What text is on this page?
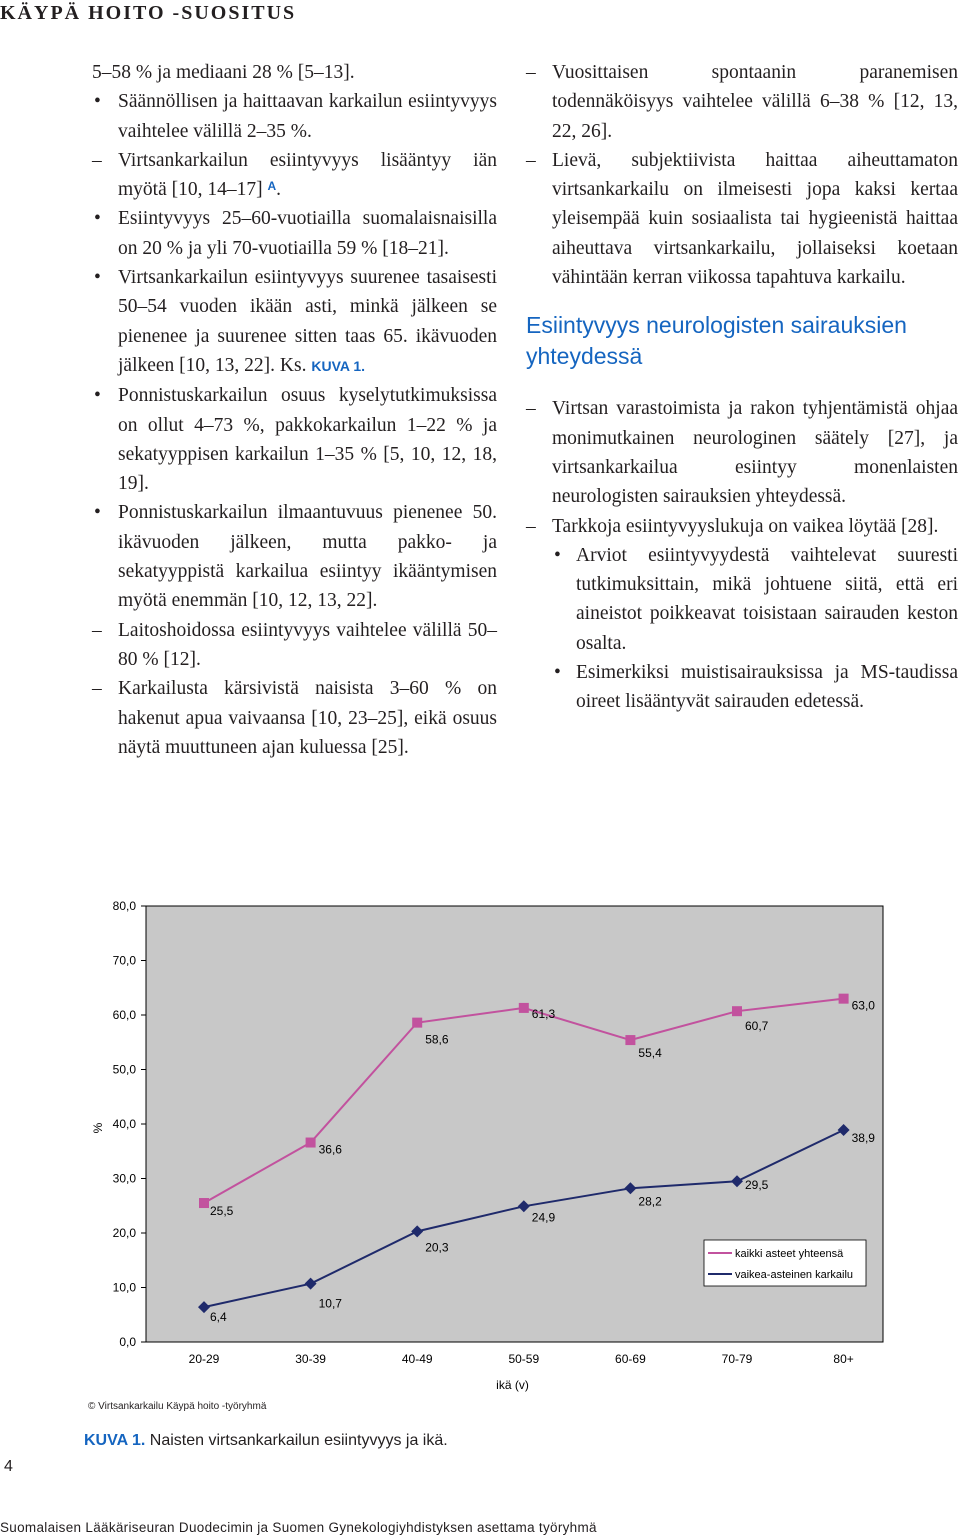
KÄYPÄ HOITO -SUOSITUS

5–58 % ja mediaani 28 % [5–13].

• Säännöllisen ja haittaavan karkailun esiintyvyys vaihtelee välillä 2–35 %.

– Virtsankarkailun esiintyvyys lisääntyy iän myötä [10, 14–17] $^A$.

• Esiintyvyys 25–60-vuotiailla suomalaisnaisilla on 20 % ja yli 70-vuotiailla 59 % [18–21].

• Virtsankarkailun esiintyvyys suurenee tasaisesti 50–54 vuoden ikään asti, minkä jälkeen se pienenee ja suurenee sitten taas 65. ikävuoden jälkeen [10, 13, 22]. Ks. KUVA 1.

• Ponnistuskarkailun osuus kyselytutkimuksissa on ollut 4–73 %, pakkokarkailun 1–22 % ja sekatyyppisen karkailun 1–35 % [5, 10, 12, 18, 19].

• Ponnistuskarkailun ilmaantuvuus pienenee 50. ikävuoden jälkeen, mutta pakko- ja sekatyyppistä karkailua esiintyy ikääntymisen myötä enemmän [10, 12, 13, 22].

– Laitoshoidossa esiintyvyys vaihtelee välillä 50–80 % [12].

– Karkailusta kärsivistä naisista 3–60 % on hakenut apua vaivaansa [10, 23–25], eikä osuus näytä muuttuneen ajan kuluessa [25].

– Vuosittaisen spontaanin paranemisen todennäköisyys vaihtelee välillä 6–38 % [12, 13, 22, 26].

– Lievä, subjektiivista haittaa aiheuttamaton virtsankarkailu on ilmeisesti jopa kaksi kertaa yleisempää kuin sosiaalista tai hygieenistä haittaa aiheuttava virtsankarkailu, jollaiseksi koetaan vähintään kerran viikossa tapahtuva karkailu.

Esiintyvyys neurologisten sairauksien yhteydessä

– Virtsan varastoimista ja rakon tyhjentämistä ohjaa monimutkainen neurologinen säätely [27], ja virtsankarkailua esiintyy monenlaisten neurologisten sairauksien yhteydessä.

– Tarkkoja esiintyvyyslukuja on vaikea löytää [28].

• Arviot esiintyvyydestä vaihtelevat suuresti tutkimuksittain, mikä johtuene siitä, että eri aineistot poikkeavat toisistaan sairauden keston osalta.

• Esimerkiksi muistisairauksissa ja MS-taudissa oireet lisääntyvät sairauden edetessä.

0,0
10,0
20,0
30,0
40,0
50,0
60,0
70,0
80,0
20-29	30-39	40-49	50-59	60-69	70-79	80+
%
ikä (v)
25,5
36,6
58,6
61,3
55,4
60,7
63,0
6,4
10,7
20,3
24,9
28,2
29,5
38,9
kaikki asteet yhteensä
vaikea-asteinen karkailu
© Virtsankarkailu Käypä hoito -työryhmä
KUVA 1. Naisten virtsankarkailun esiintyvyys ja ikä.
4
Suomalaisen Lääkäriseuran Duodecimin ja Suomen Gynekologiyhdistyksen asettama työryhmä
